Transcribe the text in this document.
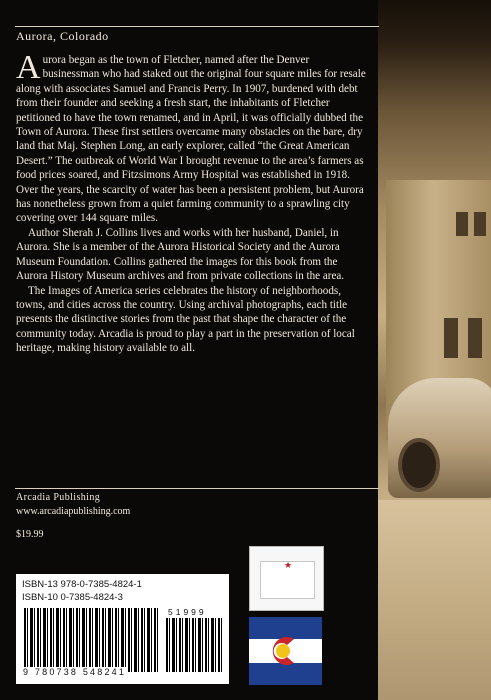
Aurora, Colorado

Aurora began as the town of Fletcher, named after the Denver businessman who had staked out the original four square miles for resale along with associates Samuel and Francis Perry. In 1907, burdened with debt from their founder and seeking a fresh start, the inhabitants of Fletcher petitioned to have the town renamed, and in April, it was officially dubbed the Town of Aurora. These first settlers overcame many obstacles on the bare, dry land that Maj. Stephen Long, an early explorer, called “the Great American Desert.” The outbreak of World War I brought revenue to the area’s farmers as food prices soared, and Fitzsimons Army Hospital was established in 1918. Over the years, the scarcity of water has been a persistent problem, but Aurora has nonetheless grown from a quiet farming community to a sprawling city covering over 144 square miles.

Author Sherah J. Collins lives and works with her husband, Daniel, in Aurora. She is a member of the Aurora Historical Society and the Aurora Museum Foundation. Collins gathered the images for this book from the Aurora History Museum archives and from private collections in the area.

The Images of America series celebrates the history of neighborhoods, towns, and cities across the country. Using archival photographs, each title presents the distinctive stories from the past that shape the character of the community today. Arcadia is proud to play a part in the preservation of local heritage, making history available to all.

Arcadia Publishing
www.arcadiapublishing.com
$19.99
ISBN-13 978-0-7385-4824-1
ISBN-10 0-7385-4824-3
51999
9 780738 548241
★
